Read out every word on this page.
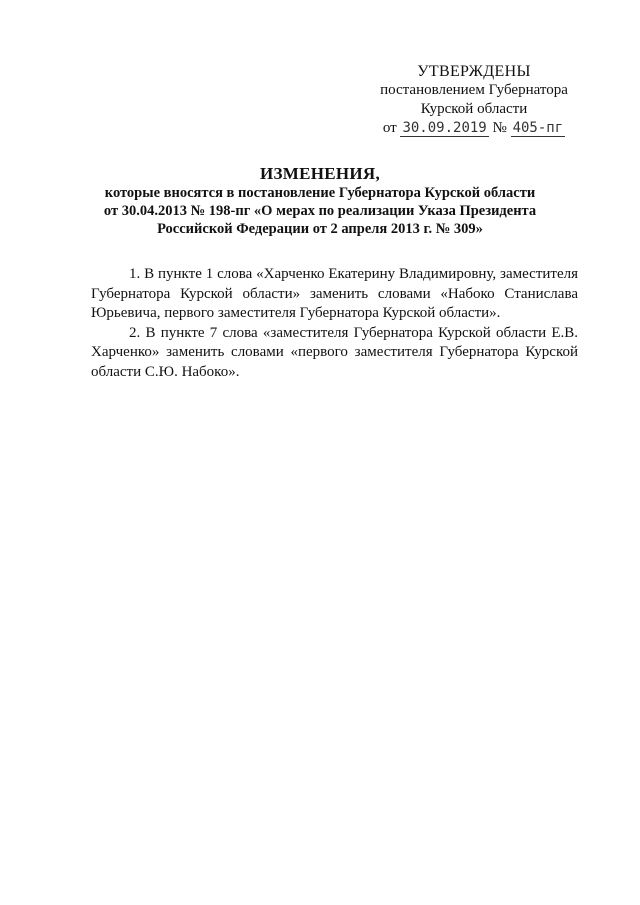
УТВЕРЖДЕНЫ
постановлением Губернатора
Курской области
от 30.09.2019 № 405-пг
ИЗМЕНЕНИЯ,
которые вносятся в постановление Губернатора Курской области
от 30.04.2013 № 198-пг «О мерах по реализации Указа Президента
Российской Федерации от 2 апреля 2013 г. № 309»

1. В пункте 1 слова «Харченко Екатерину Владимировну, заместителя Губернатора Курской области» заменить словами «Набоко Станислава Юрьевича, первого заместителя Губернатора Курской области».

2. В пункте 7 слова «заместителя Губернатора Курской области Е.В. Харченко» заменить словами «первого заместителя Губернатора Курской области С.Ю. Набоко».
